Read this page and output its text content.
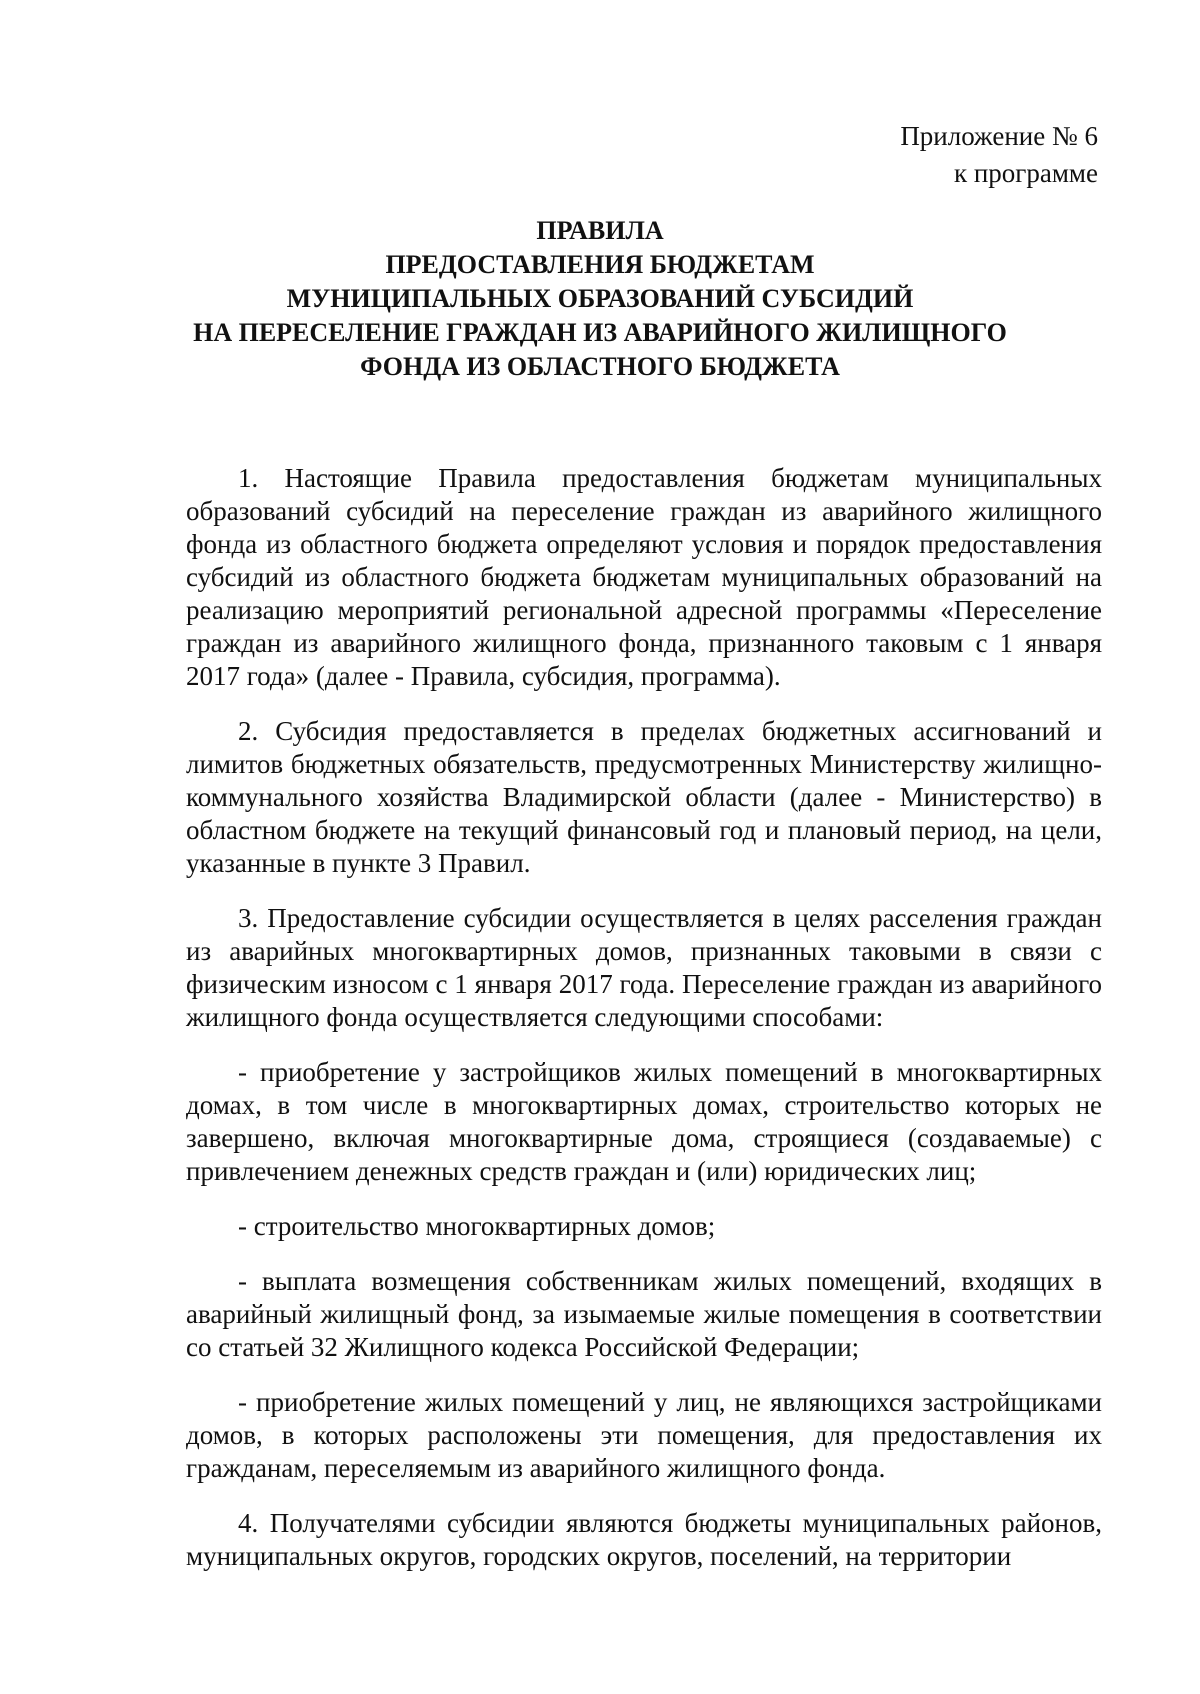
Приложение № 6
к программе
ПРАВИЛА
ПРЕДОСТАВЛЕНИЯ БЮДЖЕТАМ
МУНИЦИПАЛЬНЫХ ОБРАЗОВАНИЙ СУБСИДИЙ
НА ПЕРЕСЕЛЕНИЕ ГРАЖДАН ИЗ АВАРИЙНОГО ЖИЛИЩНОГО
ФОНДА ИЗ ОБЛАСТНОГО БЮДЖЕТА

1. Настоящие Правила предоставления бюджетам муниципальных образований субсидий на переселение граждан из аварийного жилищного фонда из областного бюджета определяют условия и порядок предоставления субсидий из областного бюджета бюджетам муниципальных образований на реализацию мероприятий региональной адресной программы «Переселение граждан из аварийного жилищного фонда, признанного таковым с 1 января 2017 года» (далее - Правила, субсидия, программа).

2. Субсидия предоставляется в пределах бюджетных ассигнований и лимитов бюджетных обязательств, предусмотренных Министерству жилищно-коммунального хозяйства Владимирской области (далее - Министерство) в областном бюджете на текущий финансовый год и плановый период, на цели, указанные в пункте 3 Правил.

3. Предоставление субсидии осуществляется в целях расселения граждан из аварийных многоквартирных домов, признанных таковыми в связи с физическим износом с 1 января 2017 года. Переселение граждан из аварийного жилищного фонда осуществляется следующими способами:

- приобретение у застройщиков жилых помещений в многоквартирных домах, в том числе в многоквартирных домах, строительство которых не завершено, включая многоквартирные дома, строящиеся (создаваемые) с привлечением денежных средств граждан и (или) юридических лиц;

- строительство многоквартирных домов;

- выплата возмещения собственникам жилых помещений, входящих в аварийный жилищный фонд, за изымаемые жилые помещения в соответствии со статьей 32 Жилищного кодекса Российской Федерации;

- приобретение жилых помещений у лиц, не являющихся застройщиками домов, в которых расположены эти помещения, для предоставления их гражданам, переселяемым из аварийного жилищного фонда.

4. Получателями субсидии являются бюджеты муниципальных районов, муниципальных округов, городских округов, поселений, на территории
